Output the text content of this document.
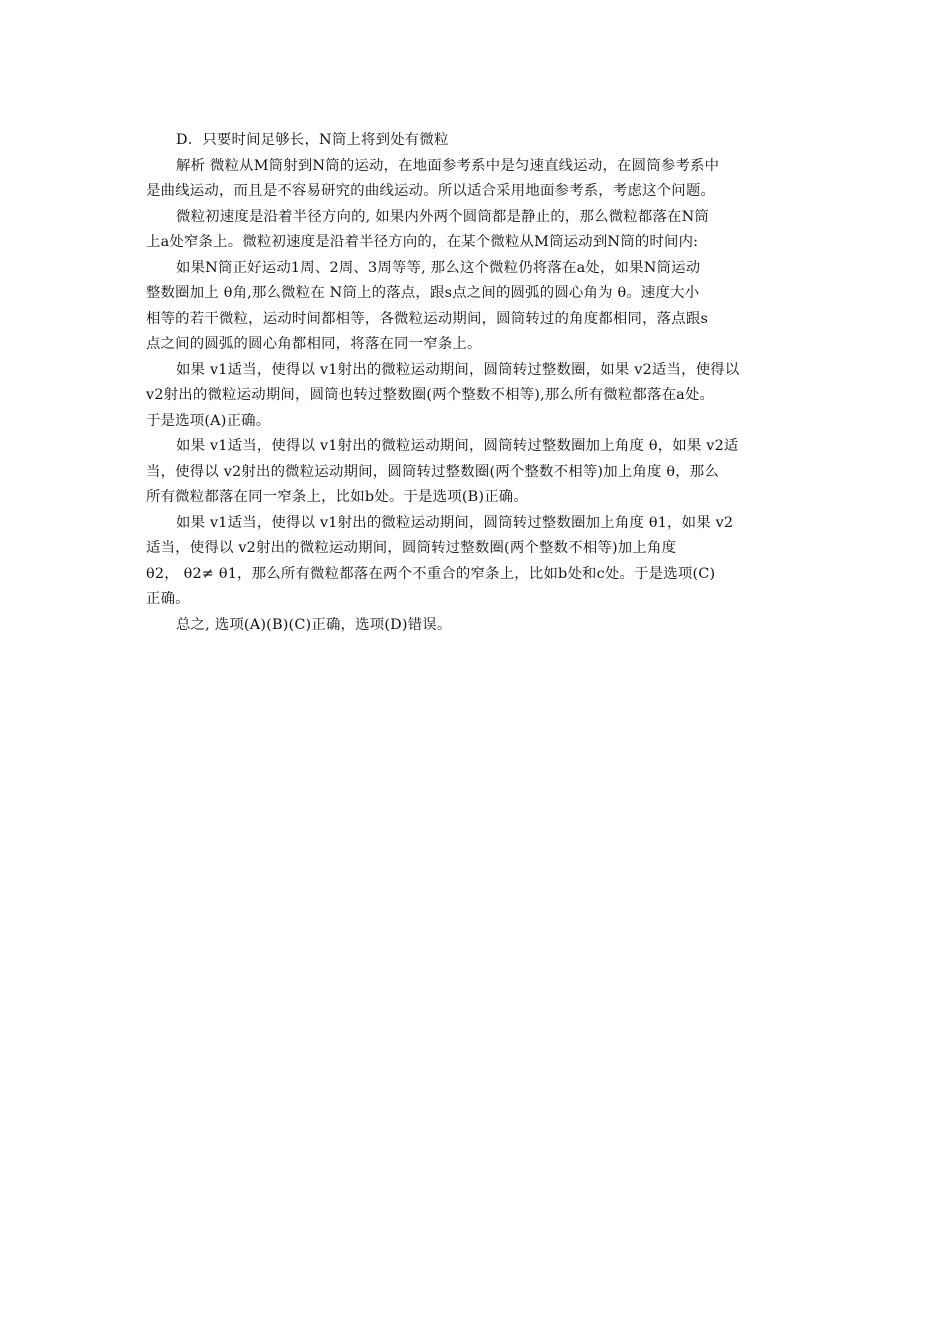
D．只要时间足够长，N筒上将到处有微粒

解析 微粒从M筒射到N筒的运动，在地面参考系中是匀速直线运动，在圆筒参考系中
是曲线运动，而且是不容易研究的曲线运动。所以适合采用地面参考系，考虑这个问题。

微粒初速度是沿着半径方向的, 如果内外两个圆筒都是静止的，那么微粒都落在N筒
上a处窄条上。微粒初速度是沿着半径方向的，在某个微粒从M筒运动到N筒的时间内:

如果N筒正好运动1周、2周、3周等等, 那么这个微粒仍将落在a处，如果N筒运动
整数圈加上 θ角,那么微粒在 N筒上的落点，跟s点之间的圆弧的圆心角为 θ。速度大小
相等的若干微粒，运动时间都相等，各微粒运动期间，圆筒转过的角度都相同，落点跟s
点之间的圆弧的圆心角都相同，将落在同一窄条上。

如果 v1适当，使得以 v1射出的微粒运动期间，圆筒转过整数圈，如果 v2适当，使得以
v2射出的微粒运动期间，圆筒也转过整数圈(两个整数不相等),那么所有微粒都落在a处。
于是选项(A)正确。

如果 v1适当，使得以 v1射出的微粒运动期间，圆筒转过整数圈加上角度 θ，如果 v2适
当，使得以 v2射出的微粒运动期间，圆筒转过整数圈(两个整数不相等)加上角度 θ，那么
所有微粒都落在同一窄条上，比如b处。于是选项(B)正确。

如果 v1适当，使得以 v1射出的微粒运动期间，圆筒转过整数圈加上角度 θ1，如果 v2
适当，使得以 v2射出的微粒运动期间，圆筒转过整数圈(两个整数不相等)加上角度
θ2， θ2≠ θ1，那么所有微粒都落在两个不重合的窄条上，比如b处和c处。于是选项(C)
正确。

总之, 选项(A)(B)(C)正确，选项(D)错误。
